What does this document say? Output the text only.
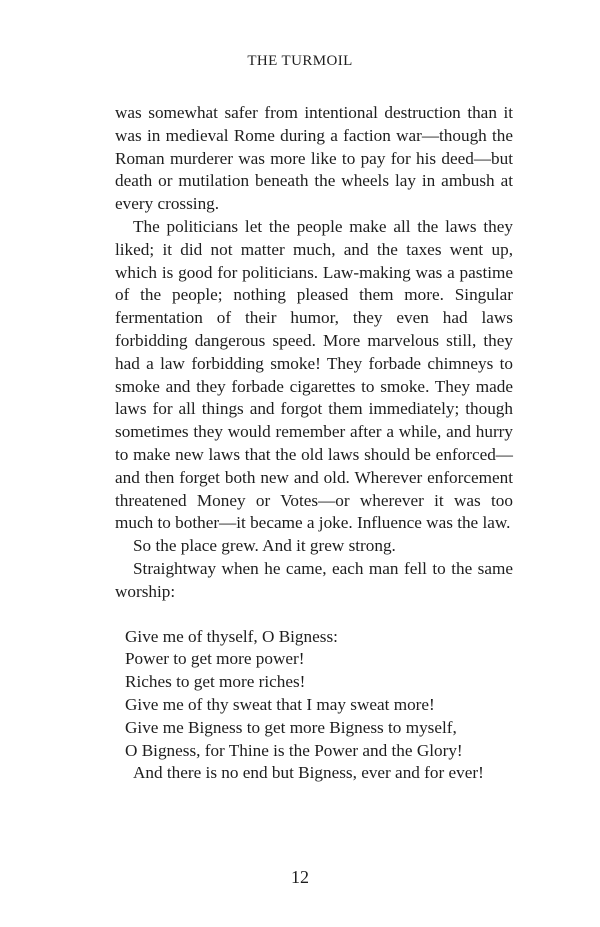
THE TURMOIL

was somewhat safer from intentional destruction than it was in medieval Rome during a faction war—though the Roman murderer was more like to pay for his deed—but death or mutilation beneath the wheels lay in ambush at every crossing.

The politicians let the people make all the laws they liked; it did not matter much, and the taxes went up, which is good for politicians. Law-making was a pastime of the people; nothing pleased them more. Singular fermentation of their humor, they even had laws forbidding dangerous speed. More marvelous still, they had a law forbidding smoke! They forbade chimneys to smoke and they forbade cigarettes to smoke. They made laws for all things and forgot them immediately; though sometimes they would remember after a while, and hurry to make new laws that the old laws should be enforced—and then forget both new and old. Wherever enforcement threatened Money or Votes—or wherever it was too much to bother—it became a joke. Influence was the law.

So the place grew. And it grew strong.

Straightway when he came, each man fell to the same worship:

Give me of thyself, O Bigness:
Power to get more power!
Riches to get more riches!
Give me of thy sweat that I may sweat more!
Give me Bigness to get more Bigness to myself,
O Bigness, for Thine is the Power and the Glory!
And there is no end but Bigness, ever and for ever!
12
